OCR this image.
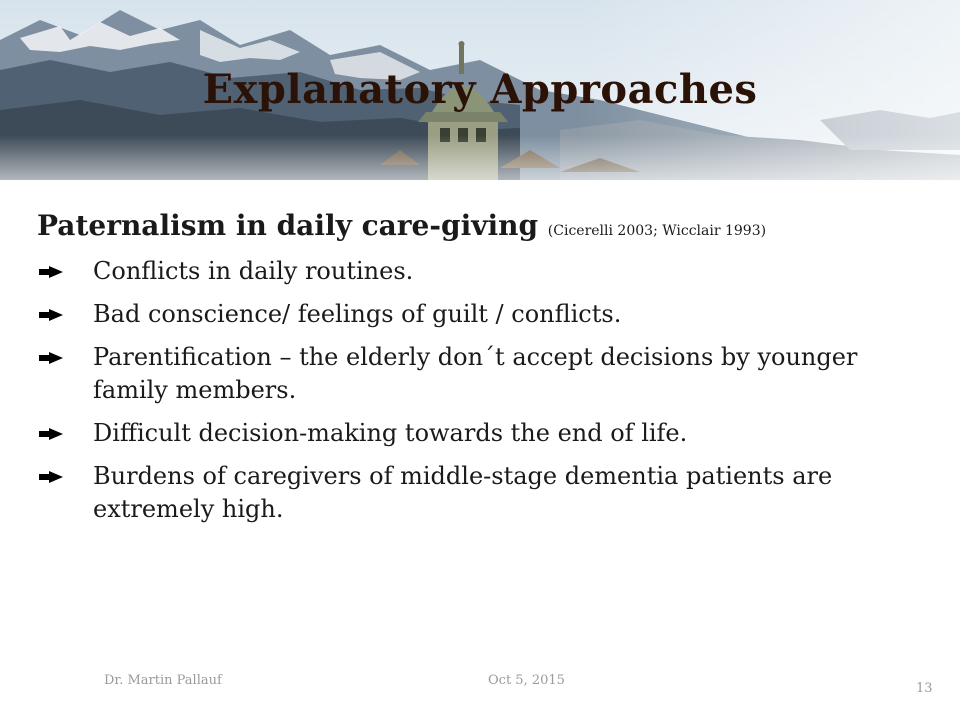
Explanatory Approaches
Paternalism in daily care-giving (Cicerelli 2003; Wicclair 1993)
Conflicts in daily routines.
Bad conscience/ feelings of guilt / conflicts.
Parentification – the elderly don´t accept decisions by younger family members.
Difficult decision-making towards the end of life.
Burdens of caregivers of middle-stage dementia patients are extremely high.
Dr. Martin Pallauf	Oct 5, 2015
13
